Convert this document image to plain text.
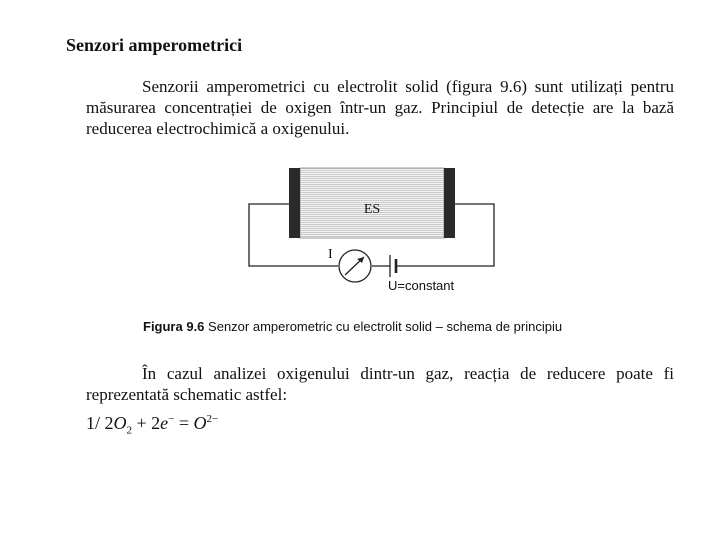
Senzori amperometrici

Senzorii amperometrici cu electrolit solid (figura 9.6) sunt utilizați pentru măsurarea concentrației de oxigen într-un gaz. Principiul de detecție are la bază reducerea electrochimică a oxigenului.

ES
I
U=constant

Figura 9.6 Senzor amperometric cu electrolit solid – schema de principiu

În cazul analizei oxigenului dintr-un gaz, reacția de reducere poate fi reprezentată schematic astfel:

1/ $2O_2 + 2e^- = O^{2-}$
